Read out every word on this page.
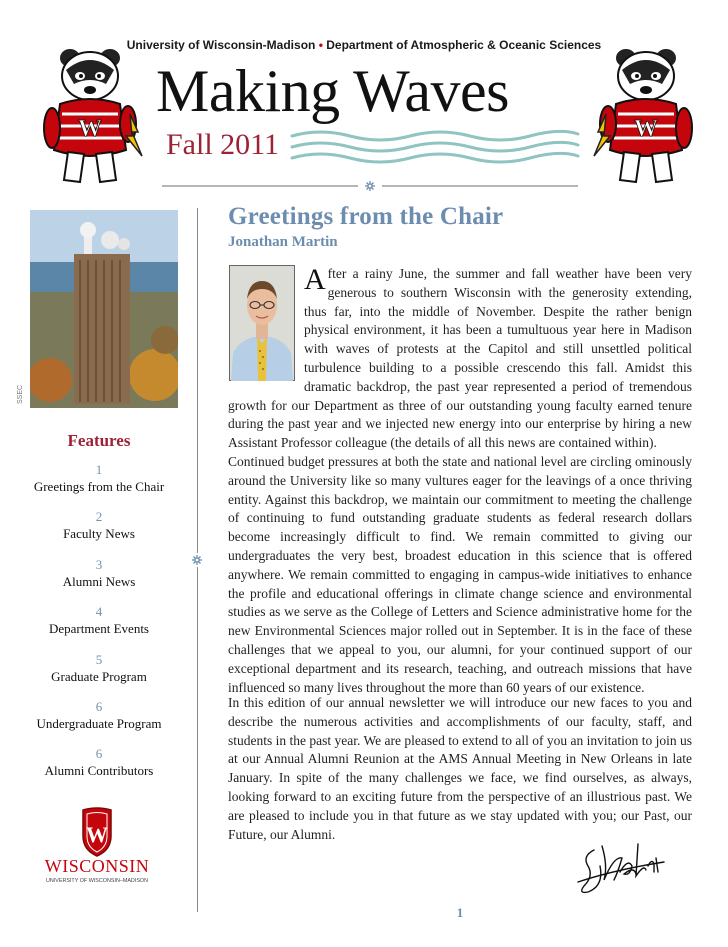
W	W
University of Wisconsin-Madison • Department of Atmospheric & Oceanic Sciences
Making Waves
Fall 2011
SSEC
Features
1
Greetings from the Chair
2
Faculty News
3
Alumni News
4
Department Events
5
Graduate Program
6
Undergraduate Program
6
Alumni Contributors
W
WISCONSIN
UNIVERSITY OF WISCONSIN–MADISON
Greetings from the Chair
Jonathan Martin
A fter a rainy June, the summer and fall weather have been very generous to southern Wisconsin with the generosity extending, thus far, into the middle of November. Despite the rather benign physical environment, it has been a tumultuous year here in Madison with waves of protests at the Capitol and still unsettled political turbulence building to a possible crescendo this fall. Amidst this dramatic backdrop, the past year represented a period of tremendous growth for our Department as three of our outstanding young faculty earned tenure during the past year and we injected new energy into our enterprise by hiring a new Assistant Professor colleague (the details of all this news are contained within).
Continued budget pressures at both the state and national level are circling ominously around the University like so many vultures eager for the leavings of a once thriving entity. Against this backdrop, we maintain our commitment to meeting the challenge of continuing to fund outstanding graduate students as federal research dollars become increasingly difficult to find. We remain committed to giving our undergraduates the very best, broadest education in this science that is offered anywhere. We remain committed to engaging in campus-wide initiatives to enhance the profile and educational offerings in climate change science and environmental studies as we serve as the College of Letters and Science administrative home for the new Environmental Sciences major rolled out in September. It is in the face of these challenges that we appeal to you, our alumni, for your continued support of our exceptional department and its research, teaching, and outreach missions that have influenced so many lives throughout the more than 60 years of our existence.
In this edition of our annual newsletter we will introduce our new faces to you and describe the numerous activities and accomplishments of our faculty, staff, and students in the past year. We are pleased to extend to all of you an invitation to join us at our Annual Alumni Reunion at the AMS Annual Meeting in New Orleans in late January. In spite of the many challenges we face, we find ourselves, as always, looking forward to an exciting future from the perspective of an illustrious past. We are pleased to include you in that future as we stay updated with you; our Past, our Future, our Alumni.
1
